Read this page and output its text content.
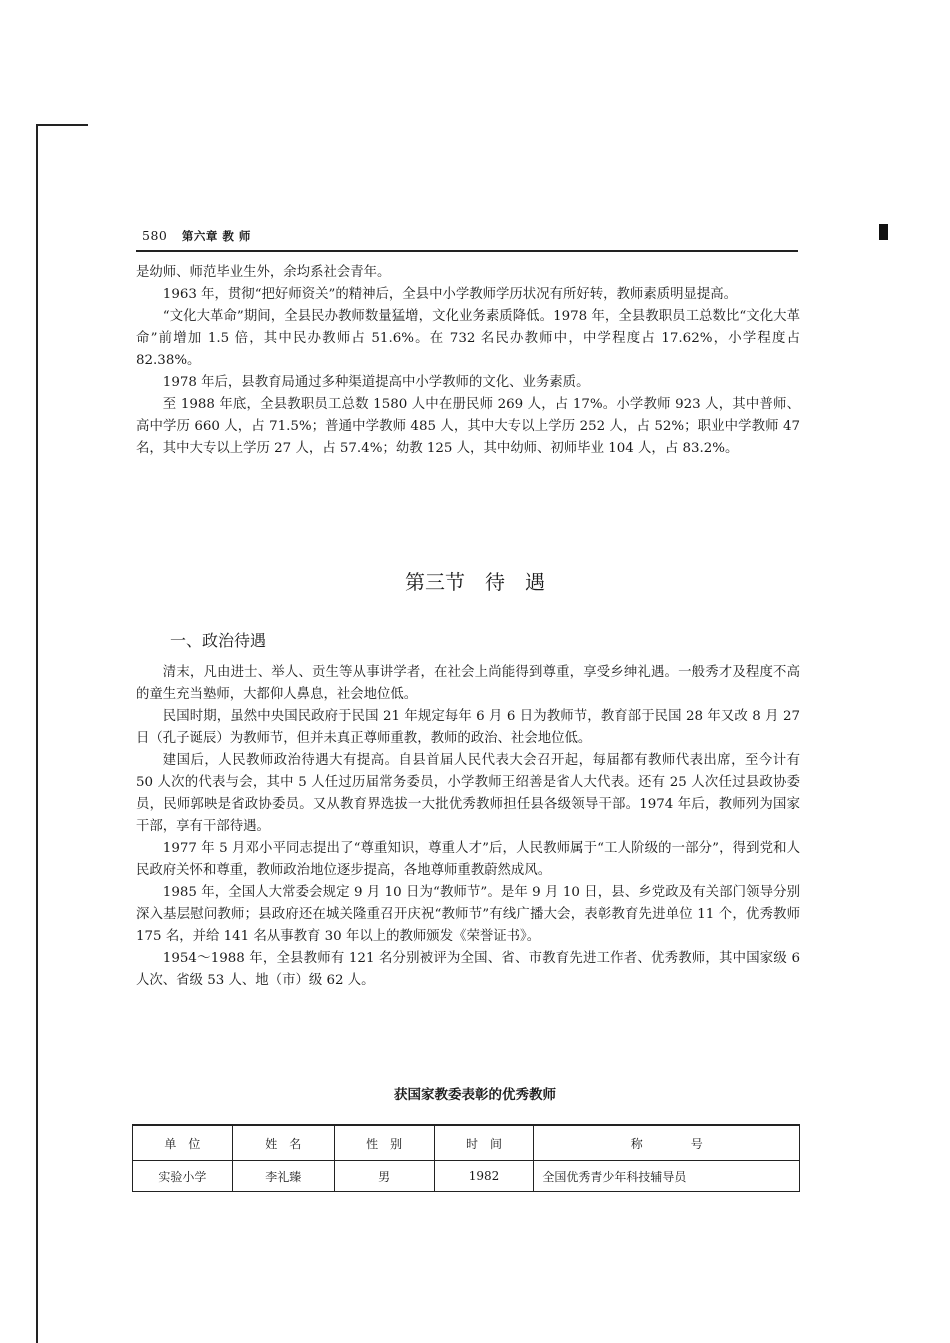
580 第六章 教 师

是幼师、师范毕业生外，余均系社会青年。

1963 年，贯彻“把好师资关”的精神后，全县中小学教师学历状况有所好转，教师素质明显提高。

“文化大革命”期间，全县民办教师数量猛增，文化业务素质降低。1978 年，全县教职员工总数比“文化大革命”前增加 1.5 倍，其中民办教师占 51.6%。在 732 名民办教师中，中学程度占 17.62%，小学程度占 82.38%。

1978 年后，县教育局通过多种渠道提高中小学教师的文化、业务素质。

至 1988 年底，全县教职员工总数 1580 人中在册民师 269 人，占 17%。小学教师 923 人，其中普师、高中学历 660 人，占 71.5%；普通中学教师 485 人，其中大专以上学历 252 人，占 52%；职业中学教师 47 名，其中大专以上学历 27 人，占 57.4%；幼教 125 人，其中幼师、初师毕业 104 人，占 83.2%。

第三节　待　遇
一、政治待遇

清末，凡由进士、举人、贡生等从事讲学者，在社会上尚能得到尊重，享受乡绅礼遇。一般秀才及程度不高的童生充当塾师，大都仰人鼻息，社会地位低。

民国时期，虽然中央国民政府于民国 21 年规定每年 6 月 6 日为教师节，教育部于民国 28 年又改 8 月 27 日（孔子诞辰）为教师节，但并未真正尊师重教，教师的政治、社会地位低。

建国后，人民教师政治待遇大有提高。自县首届人民代表大会召开起，每届都有教师代表出席，至今计有 50 人次的代表与会，其中 5 人任过历届常务委员，小学教师王绍善是省人大代表。还有 25 人次任过县政协委员，民师郭映是省政协委员。又从教育界选拔一大批优秀教师担任县各级领导干部。1974 年后，教师列为国家干部，享有干部待遇。

1977 年 5 月邓小平同志提出了“尊重知识，尊重人才”后，人民教师属于“工人阶级的一部分”，得到党和人民政府关怀和尊重，教师政治地位逐步提高，各地尊师重教蔚然成风。

1985 年，全国人大常委会规定 9 月 10 日为“教师节”。是年 9 月 10 日，县、乡党政及有关部门领导分别深入基层慰问教师；县政府还在城关隆重召开庆祝“教师节”有线广播大会，表彰教育先进单位 11 个，优秀教师 175 名，并给 141 名从事教育 30 年以上的教师颁发《荣誉证书》。

1954～1988 年，全县教师有 121 名分别被评为全国、省、市教育先进工作者、优秀教师，其中国家级 6 人次、省级 53 人、地（市）级 62 人。

获国家教委表彰的优秀教师
单　位	姓　名	性　别	时　间	称　　　　号
实验小学	李礼臻	男	1982	全国优秀青少年科技辅导员
